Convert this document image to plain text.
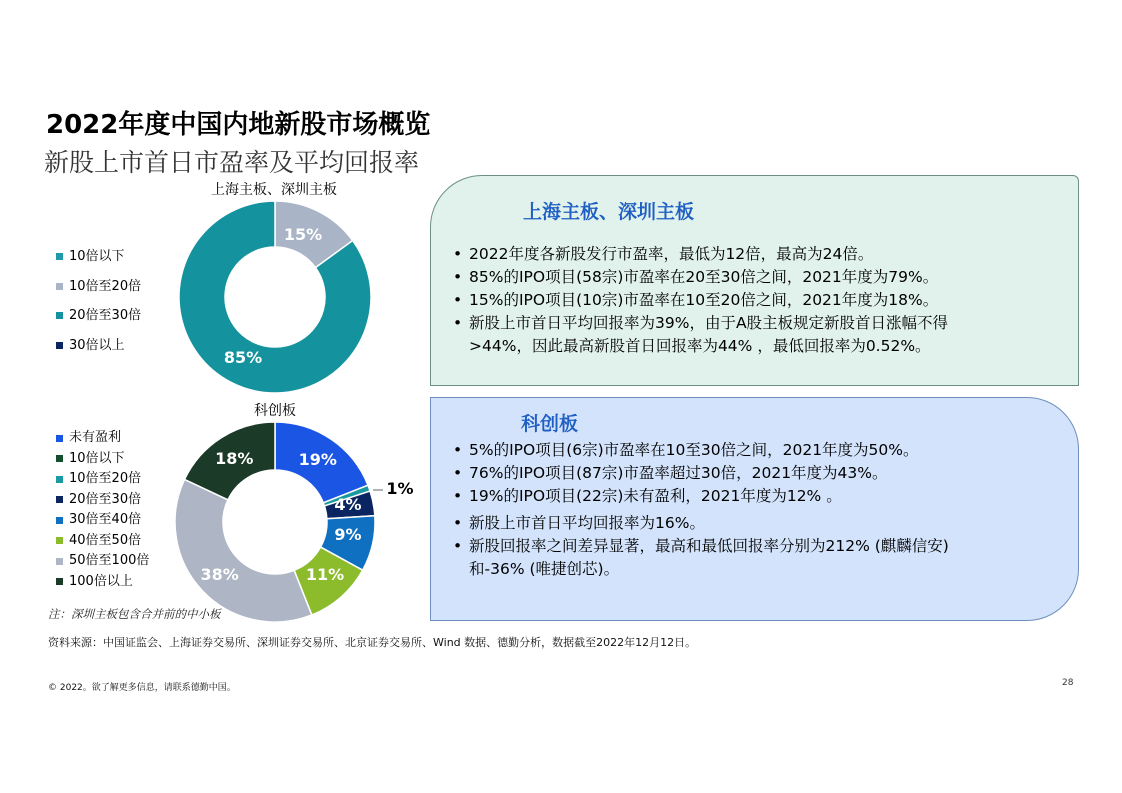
2022年度中国内地新股市场概览
新股上市首日市盈率及平均回报率
上海主板、深圳主板
10倍以下
10倍至20倍
20倍至30倍
30倍以上
15%
85%
科创板
未有盈利
10倍以下
10倍至20倍
20倍至30倍
30倍至40倍
40倍至50倍
50倍至100倍
100倍以上
19%
1%
4%
9%
11%
38%
18%
上海主板、深圳主板
• 2022年度各新股发行市盈率，最低为12倍，最高为24倍。
• 85%的IPO项目(58宗)市盈率在20至30倍之间，2021年度为79%。
• 15%的IPO项目(10宗)市盈率在10至20倍之间，2021年度为18%。
• 新股上市首日平均回报率为39%，由于A股主板规定新股首日涨幅不得
>44%，因此最高新股首日回报率为44% ，最低回报率为0.52%。
科创板
• 5%的IPO项目(6宗)市盈率在10至30倍之间，2021年度为50%。
• 76%的IPO项目(87宗)市盈率超过30倍，2021年度为43%。
• 19%的IPO项目(22宗)未有盈利，2021年度为12% 。
• 新股上市首日平均回报率为16%。
• 新股回报率之间差异显著，最高和最低回报率分别为212% (麒麟信安)
和-36% (唯捷创芯)。
注：深圳主板包含合并前的中小板
资料来源：中国证监会、上海证券交易所、深圳证券交易所、北京证券交易所、Wind 数据、德勤分析，数据截至2022年12月12日。
© 2022。欲了解更多信息，请联系德勤中国。	28
